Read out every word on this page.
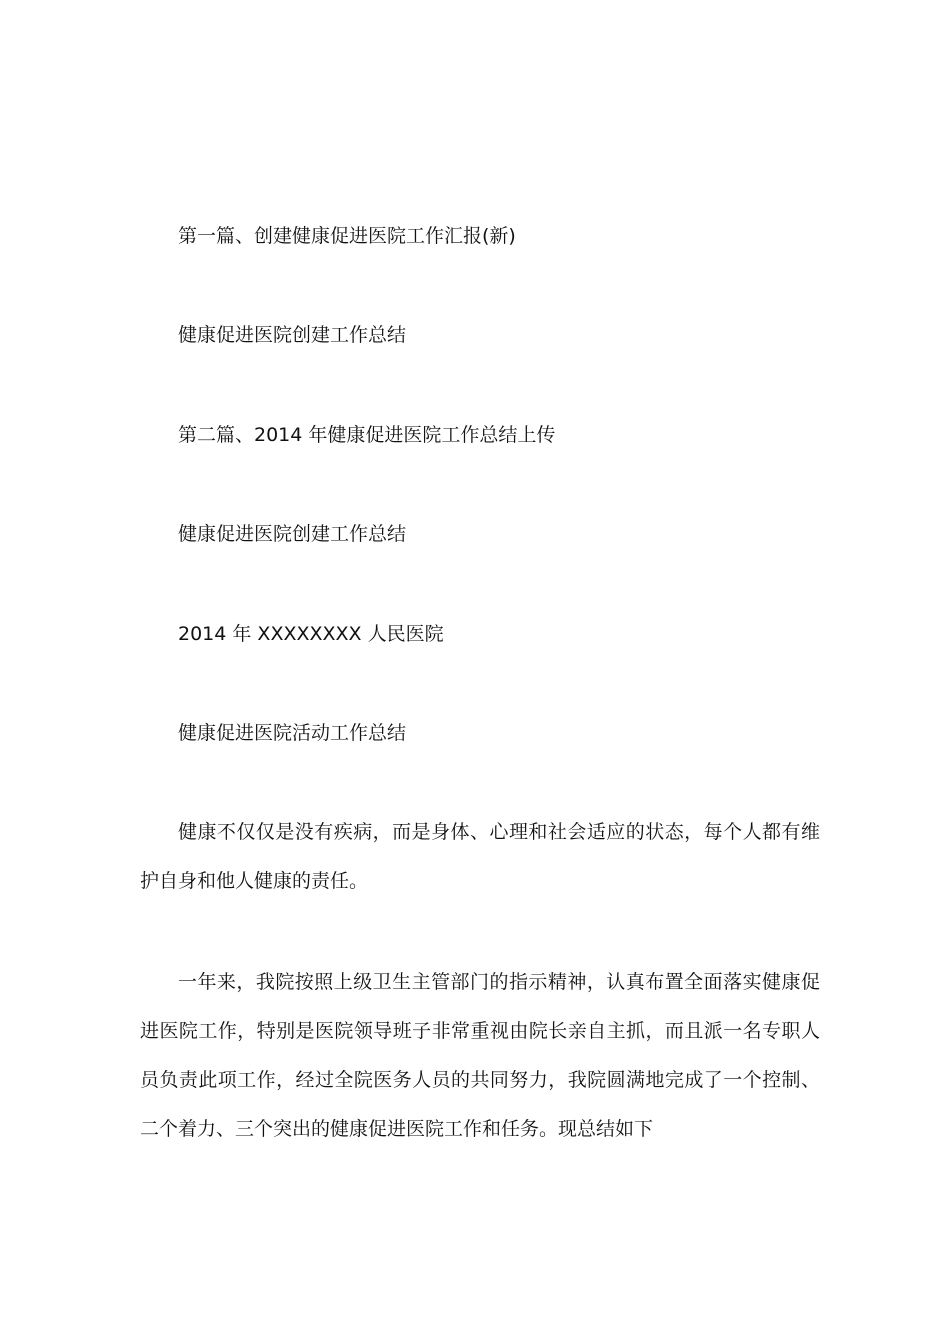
第一篇、创建健康促进医院工作汇报(新)
健康促进医院创建工作总结
第二篇、2014 年健康促进医院工作总结上传
健康促进医院创建工作总结
2014 年 XXXXXXXX 人民医院
健康促进医院活动工作总结
健康不仅仅是没有疾病，而是身体、心理和社会适应的状态，每个人都有维护自身和他人健康的责任。
一年来，我院按照上级卫生主管部门的指示精神，认真布置全面落实健康促进医院工作，特别是医院领导班子非常重视由院长亲自主抓，而且派一名专职人员负责此项工作，经过全院医务人员的共同努力，我院圆满地完成了一个控制、二个着力、三个突出的健康促进医院工作和任务。现总结如下
